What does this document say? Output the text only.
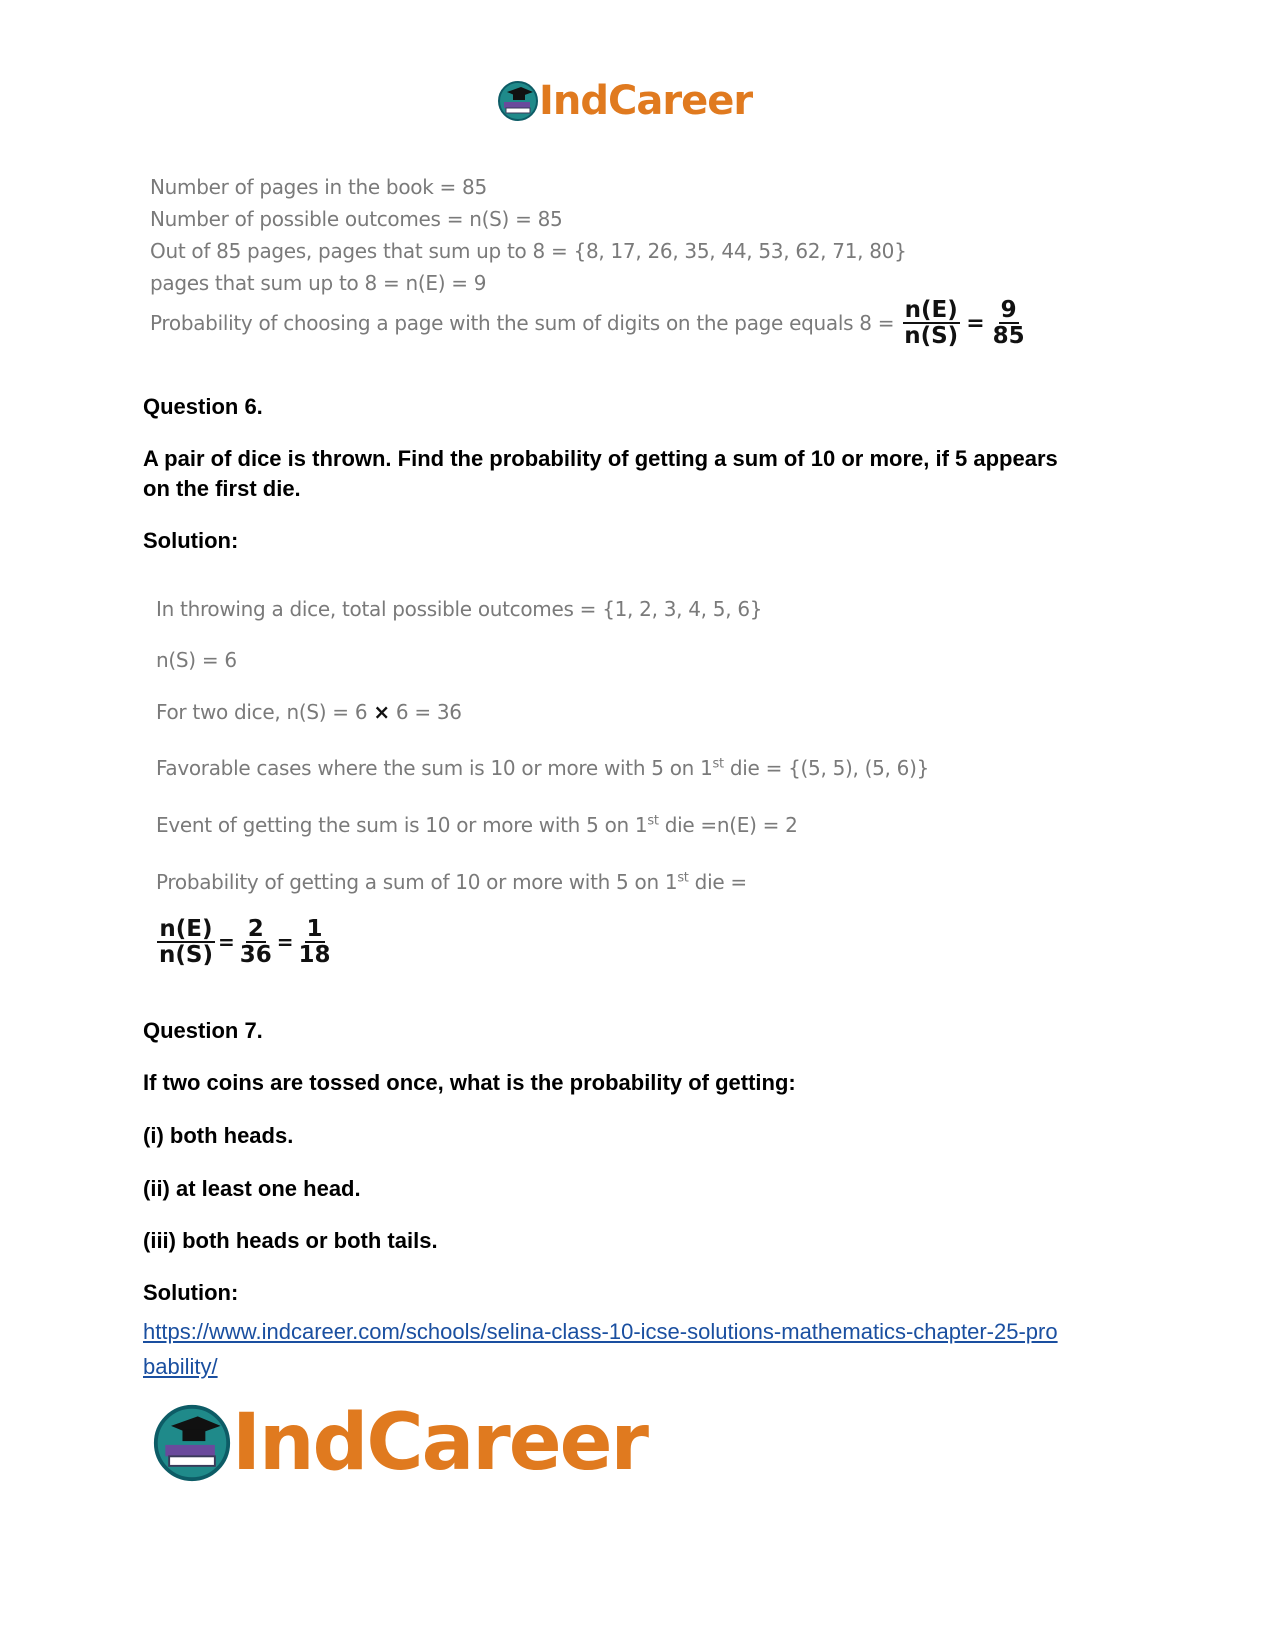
IndCareer
Number of pages in the book = 85
Number of possible outcomes = n(S) = 85
Out of 85 pages, pages that sum up to 8 = {8, 17, 26, 35, 44, 53, 62, 71, 80}
pages that sum up to 8 = n(E) = 9
Probability of choosing a page with the sum of digits on the page equals $8 = \frac{n(E)}{n(S)} = \frac{9}{85}$
Question 6.
A pair of dice is thrown. Find the probability of getting a sum of 10 or more, if 5 appears on the first die.
Solution:
In throwing a dice, total possible outcomes = {1, 2, 3, 4, 5, 6}
n(S) = 6
For two dice, n(S) = 6 × 6 = 36
Favorable cases where the sum is 10 or more with 5 on 1st die = {(5, 5), (5, 6)}
Event of getting the sum is 10 or more with 5 on 1st die =n(E) = 2
Probability of getting a sum of 10 or more with 5 on 1st die =
$\frac{n(E)}{n(S)} = \frac{2}{36} = \frac{1}{18}$
Question 7.
If two coins are tossed once, what is the probability of getting:
(i) both heads.
(ii) at least one head.
(iii) both heads or both tails.
Solution:
https://www.indcareer.com/schools/selina-class-10-icse-solutions-mathematics-chapter-25-probability/
IndCareer
